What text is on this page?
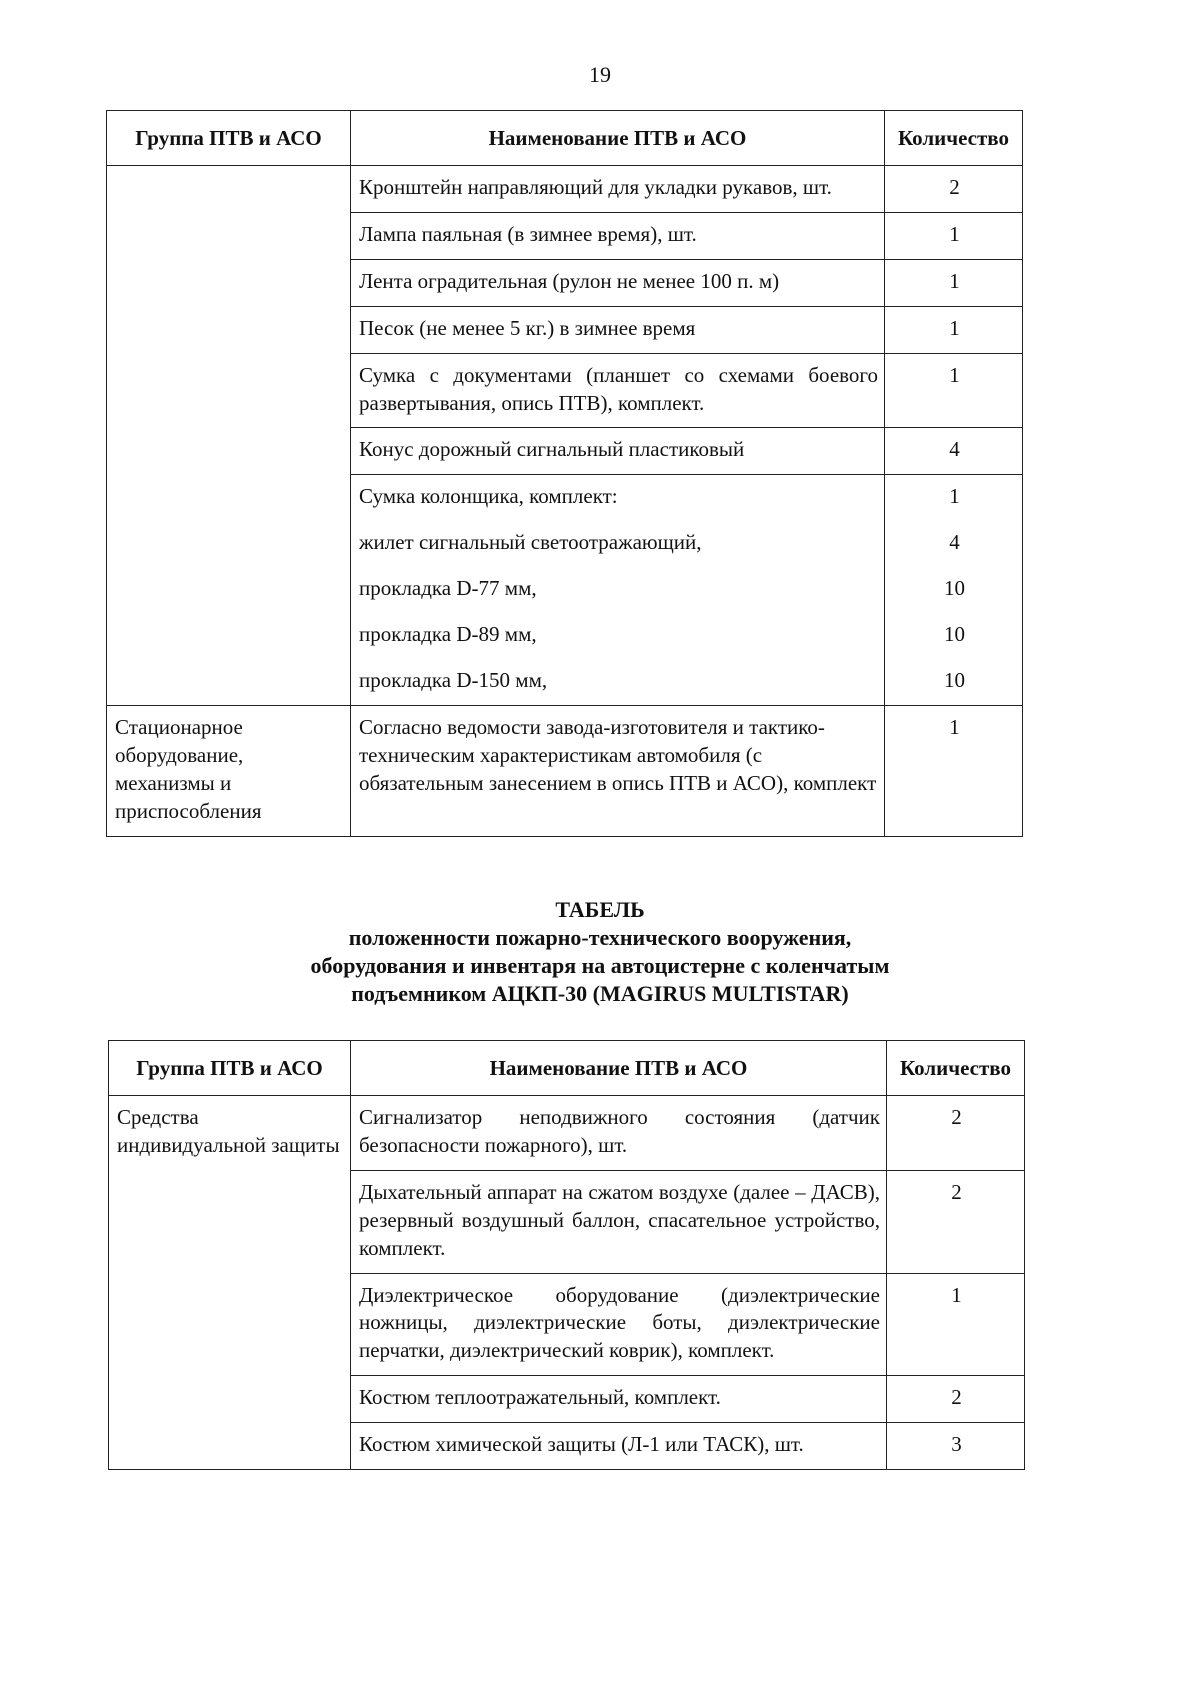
19
Группа ПТВ и АСО	Наименование ПТВ и АСО	Количество
	Кронштейн направляющий для укладки рукавов, шт.	2
	Лампа паяльная (в зимнее время), шт.	1
	Лента оградительная (рулон не менее 100 п. м)	1
	Песок (не менее 5 кг.) в зимнее время	1
	Сумка с документами (планшет со схемами боевого развертывания, опись ПТВ), комплект.	1
	Конус дорожный сигнальный пластиковый	4
	Сумка колонщика, комплект:	1
	жилет сигнальный светоотражающий,	4
	прокладка D-77 мм,	10
	прокладка D-89 мм,	10
	прокладка D-150 мм,	10
Стационарное оборудование, механизмы и приспособления	Согласно ведомости завода-изготовителя и тактико-техническим характеристикам автомобиля (с обязательным занесением в опись ПТВ и АСО), комплект	1
ТАБЕЛЬ
положенности пожарно-технического вооружения,
оборудования и инвентаря на автоцистерне с коленчатым
подъемником АЦКП-30 (MAGIRUS MULTISTAR)
Группа ПТВ и АСО	Наименование ПТВ и АСО	Количество
Средства индивидуальной защиты	Сигнализатор неподвижного состояния (датчик безопасности пожарного), шт.	2
	Дыхательный аппарат на сжатом воздухе (далее – ДАСВ), резервный воздушный баллон, спасательное устройство, комплект.	2
	Диэлектрическое оборудование (диэлектрические ножницы, диэлектрические боты, диэлектрические перчатки, диэлектрический коврик), комплект.	1
	Костюм теплоотражательный, комплект.	2
	Костюм химической защиты (Л-1 или ТАСК), шт.	3
